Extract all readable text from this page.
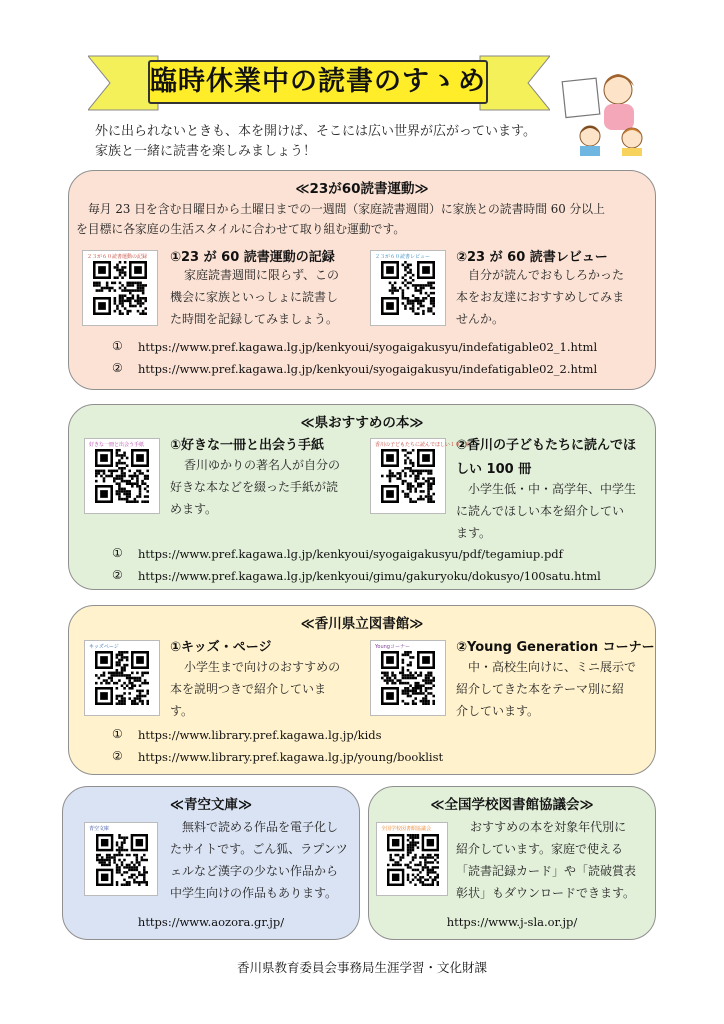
臨時休業中の読書のすゝめ
外に出られないときも、本を開けば、そこには広い世界が広がっています。
家族と一緒に読書を楽しみましょう！
≪23が60読書運動≫
毎月 23 日を含む日曜日から土曜日までの一週間（家庭読書週間）に家族との読書時間 60 分以上
を目標に各家庭の生活スタイルに合わせて取り組む運動です。
２３が６０読書運動の記録 ①23 が 60 読書運動の記録
家庭読書週間に限らず、この
機会に家族といっしょに読書し
た時間を記録してみましょう。
２３が６０読書レビュー ②23 が 60 読書レビュー
自分が読んでおもしろかった
本をお友達におすすめしてみま
せんか。
① https://www.pref.kagawa.lg.jp/kenkyoui/syogaigakusyu/indefatigable02_1.html
② https://www.pref.kagawa.lg.jp/kenkyoui/syogaigakusyu/indefatigable02_2.html
≪県おすすめの本≫
好きな一冊と出会う手紙 ①好きな一冊と出会う手紙
香川ゆかりの著名人が自分の
好きな本などを綴った手紙が読
めます。
香川の子どもたちに読んでほしい１００冊
②香川の子どもたちに読んでほ
しい 100 冊
小学生低・中・高学年、中学生
に読んでほしい本を紹介してい
ます。
① https://www.pref.kagawa.lg.jp/kenkyoui/syogaigakusyu/pdf/tegamiup.pdf
② https://www.pref.kagawa.lg.jp/kenkyoui/gimu/gakuryoku/dokusyo/100satu.html
≪香川県立図書館≫
キッズページ	①キッズ・ページ
小学生まで向けのおすすめの
本を説明つきで紹介していま
す。
Youngコーナー	②Young Generation コーナー
中・高校生向けに、ミニ展示で
紹介してきた本をテーマ別に紹
介しています。
① https://www.library.pref.kagawa.lg.jp/kids
② https://www.library.pref.kagawa.lg.jp/young/booklist
≪青空文庫≫
青空文庫	無料で読める作品を電子化し
たサイトです。ごん狐、ラプンツ
ェルなど漢字の少ない作品から
中学生向けの作品もあります。
https://www.aozora.gr.jp/
≪全国学校図書館協議会≫
全国学校図書館協議会	おすすめの本を対象年代別に
紹介しています。家庭で使える
「読書記録カード」や「読破賞表
彰状」もダウンロードできます。
https://www.j-sla.or.jp/
香川県教育委員会事務局生涯学習・文化財課
